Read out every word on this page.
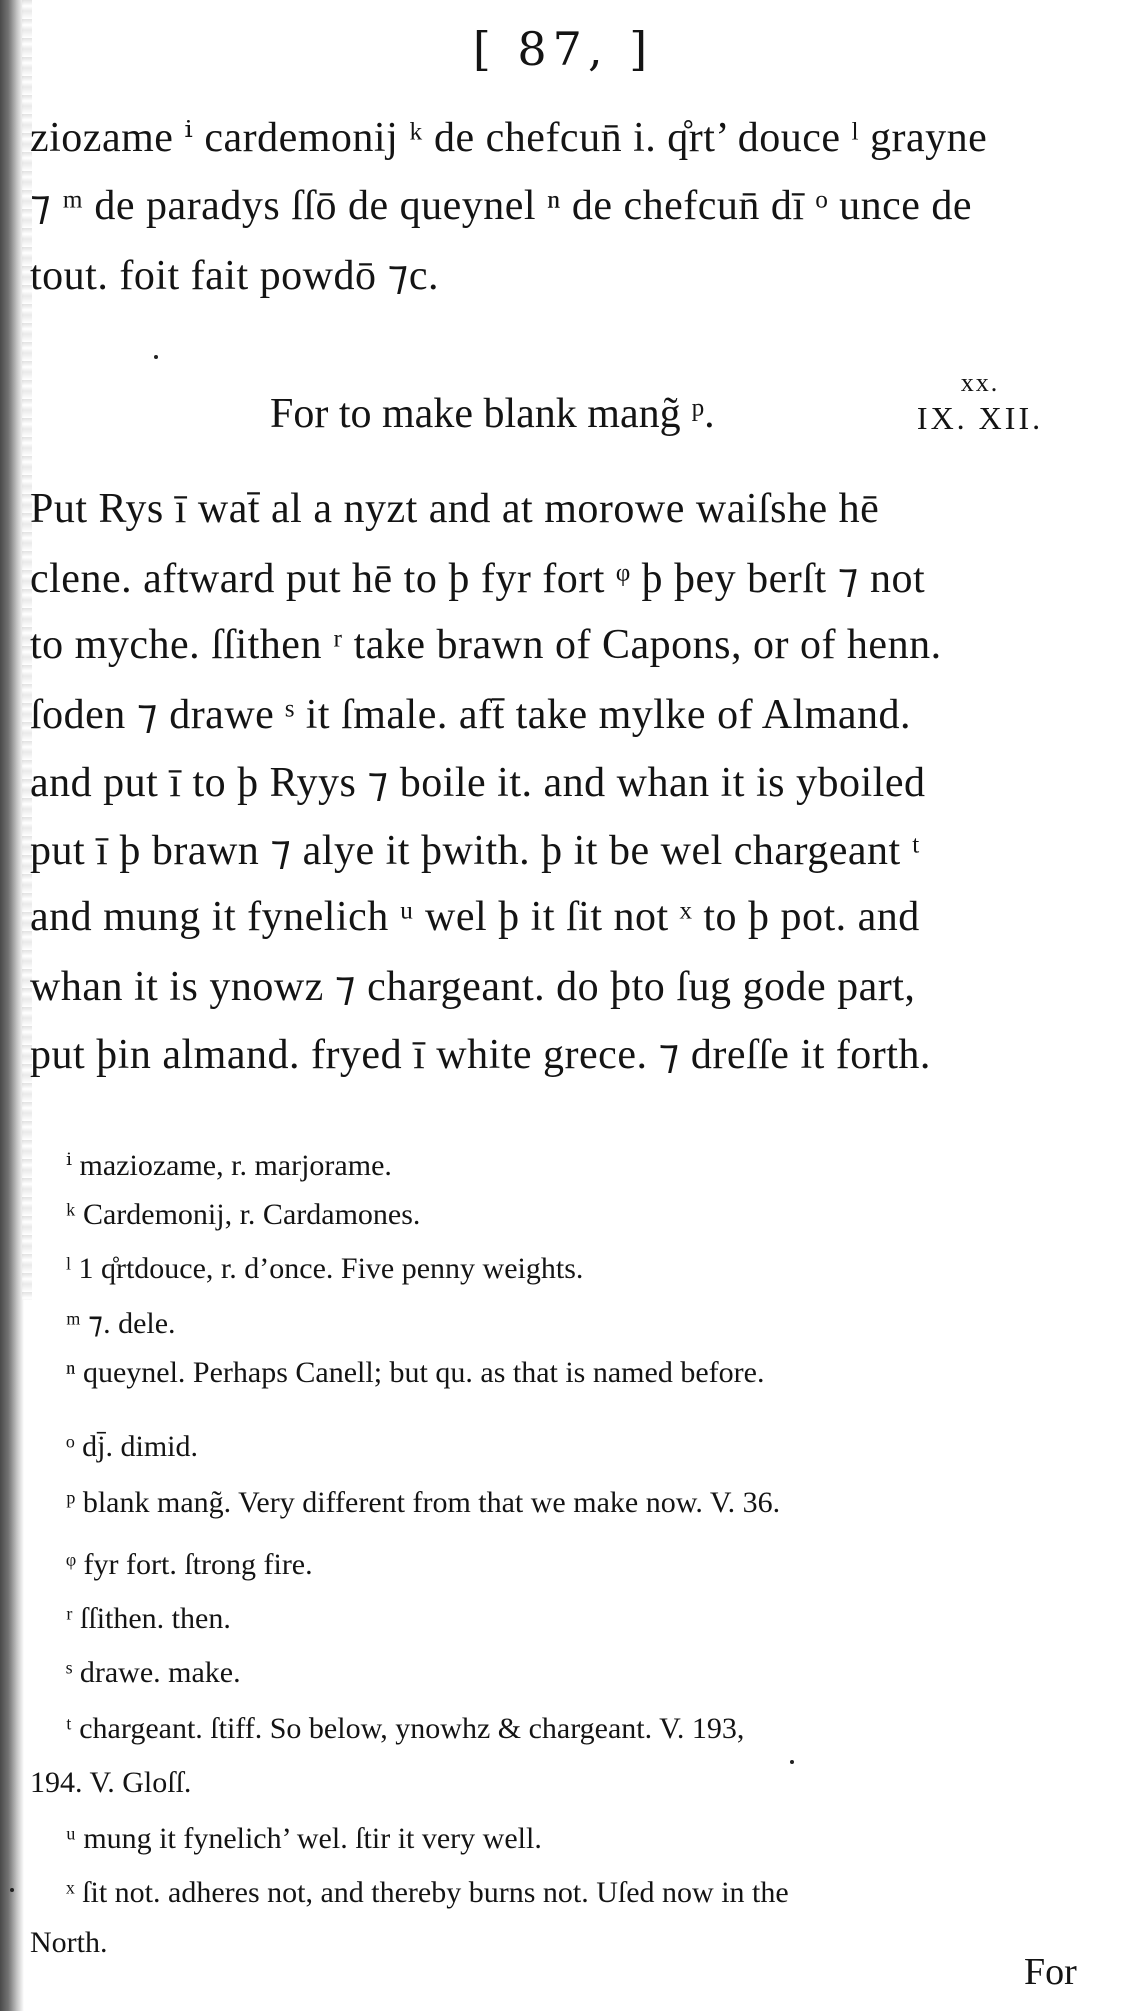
[ 87, ]
ziozame ⁱ cardemonij ᵏ de chefcun̄ i. q̊rt’ douce ˡ grayne
⁊ ᵐ de paradys ſſō de queynel ⁿ de chefcun̄ dī ᵒ unce de
tout. foit fait powdō ⁊c.
For to make blank mang̃ ᵖ.
xx.
IX. XII.
Put Rys ī wat̄ al a nyzt and at morowe waiſshe hē
clene. aftward put hē to þ fyr fort ᵠ þ þey berſt ⁊ not
to myche. ſſithen ʳ take brawn of Capons, or of henn.
ſoden ⁊ drawe ˢ it ſmale. aft̄ take mylke of Almand.
and put ī to þ Ryys ⁊ boile it. and whan it is yboiled
put ī þ brawn ⁊ alye it þwith. þ it be wel chargeant ᵗ
and mung it fynelich ᵘ wel þ it ſit not ˣ to þ pot. and
whan it is ynowz ⁊ chargeant. do þto ſug gode part,
put þin almand. fryed ī white grece. ⁊ dreſſe it forth.
ⁱ maziozame, r. marjorame.
ᵏ Cardemonij, r. Cardamones.
ˡ 1 q̊rtdouce, r. d’once. Five penny weights.
ᵐ ⁊. dele.
ⁿ queynel. Perhaps Canell; but qu. as that is named before.
ᵒ dj̄. dimid.
ᵖ blank mang̃. Very different from that we make now. V. 36.
ᵠ fyr fort. ſtrong fire.
ʳ ſſithen. then.
ˢ drawe. make.
ᵗ chargeant. ſtiff. So below, ynowhz & chargeant. V. 193,
194. V. Gloſſ.
ᵘ mung it fynelich’ wel. ſtir it very well.
ˣ ſit not. adheres not, and thereby burns not. Uſed now in the
North.
For
